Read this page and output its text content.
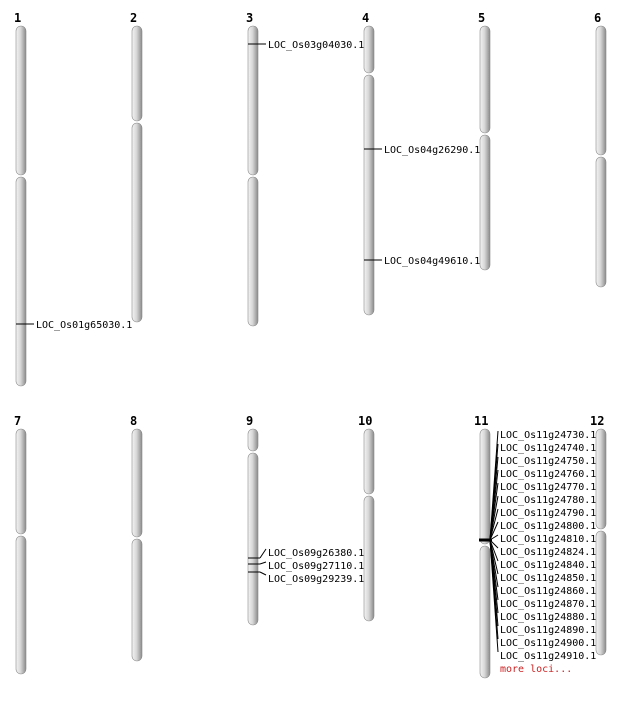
1
LOC_Os01g65030.1
2	3
LOC_Os03g04030.1
4
LOC_Os04g26290.1
LOC_Os04g49610.1
5	6
7	8	9
LOC_Os09g26380.1
LOC_Os09g27110.1
LOC_Os09g29239.1
10	11
LOC_Os11g24730.1
LOC_Os11g24740.1
LOC_Os11g24750.1
LOC_Os11g24760.1
LOC_Os11g24770.1
LOC_Os11g24780.1
LOC_Os11g24790.1
LOC_Os11g24800.1
LOC_Os11g24810.1
LOC_Os11g24824.1
LOC_Os11g24840.1
LOC_Os11g24850.1
LOC_Os11g24860.1
LOC_Os11g24870.1
LOC_Os11g24880.1
LOC_Os11g24890.1
LOC_Os11g24900.1
LOC_Os11g24910.1
more loci...
12
